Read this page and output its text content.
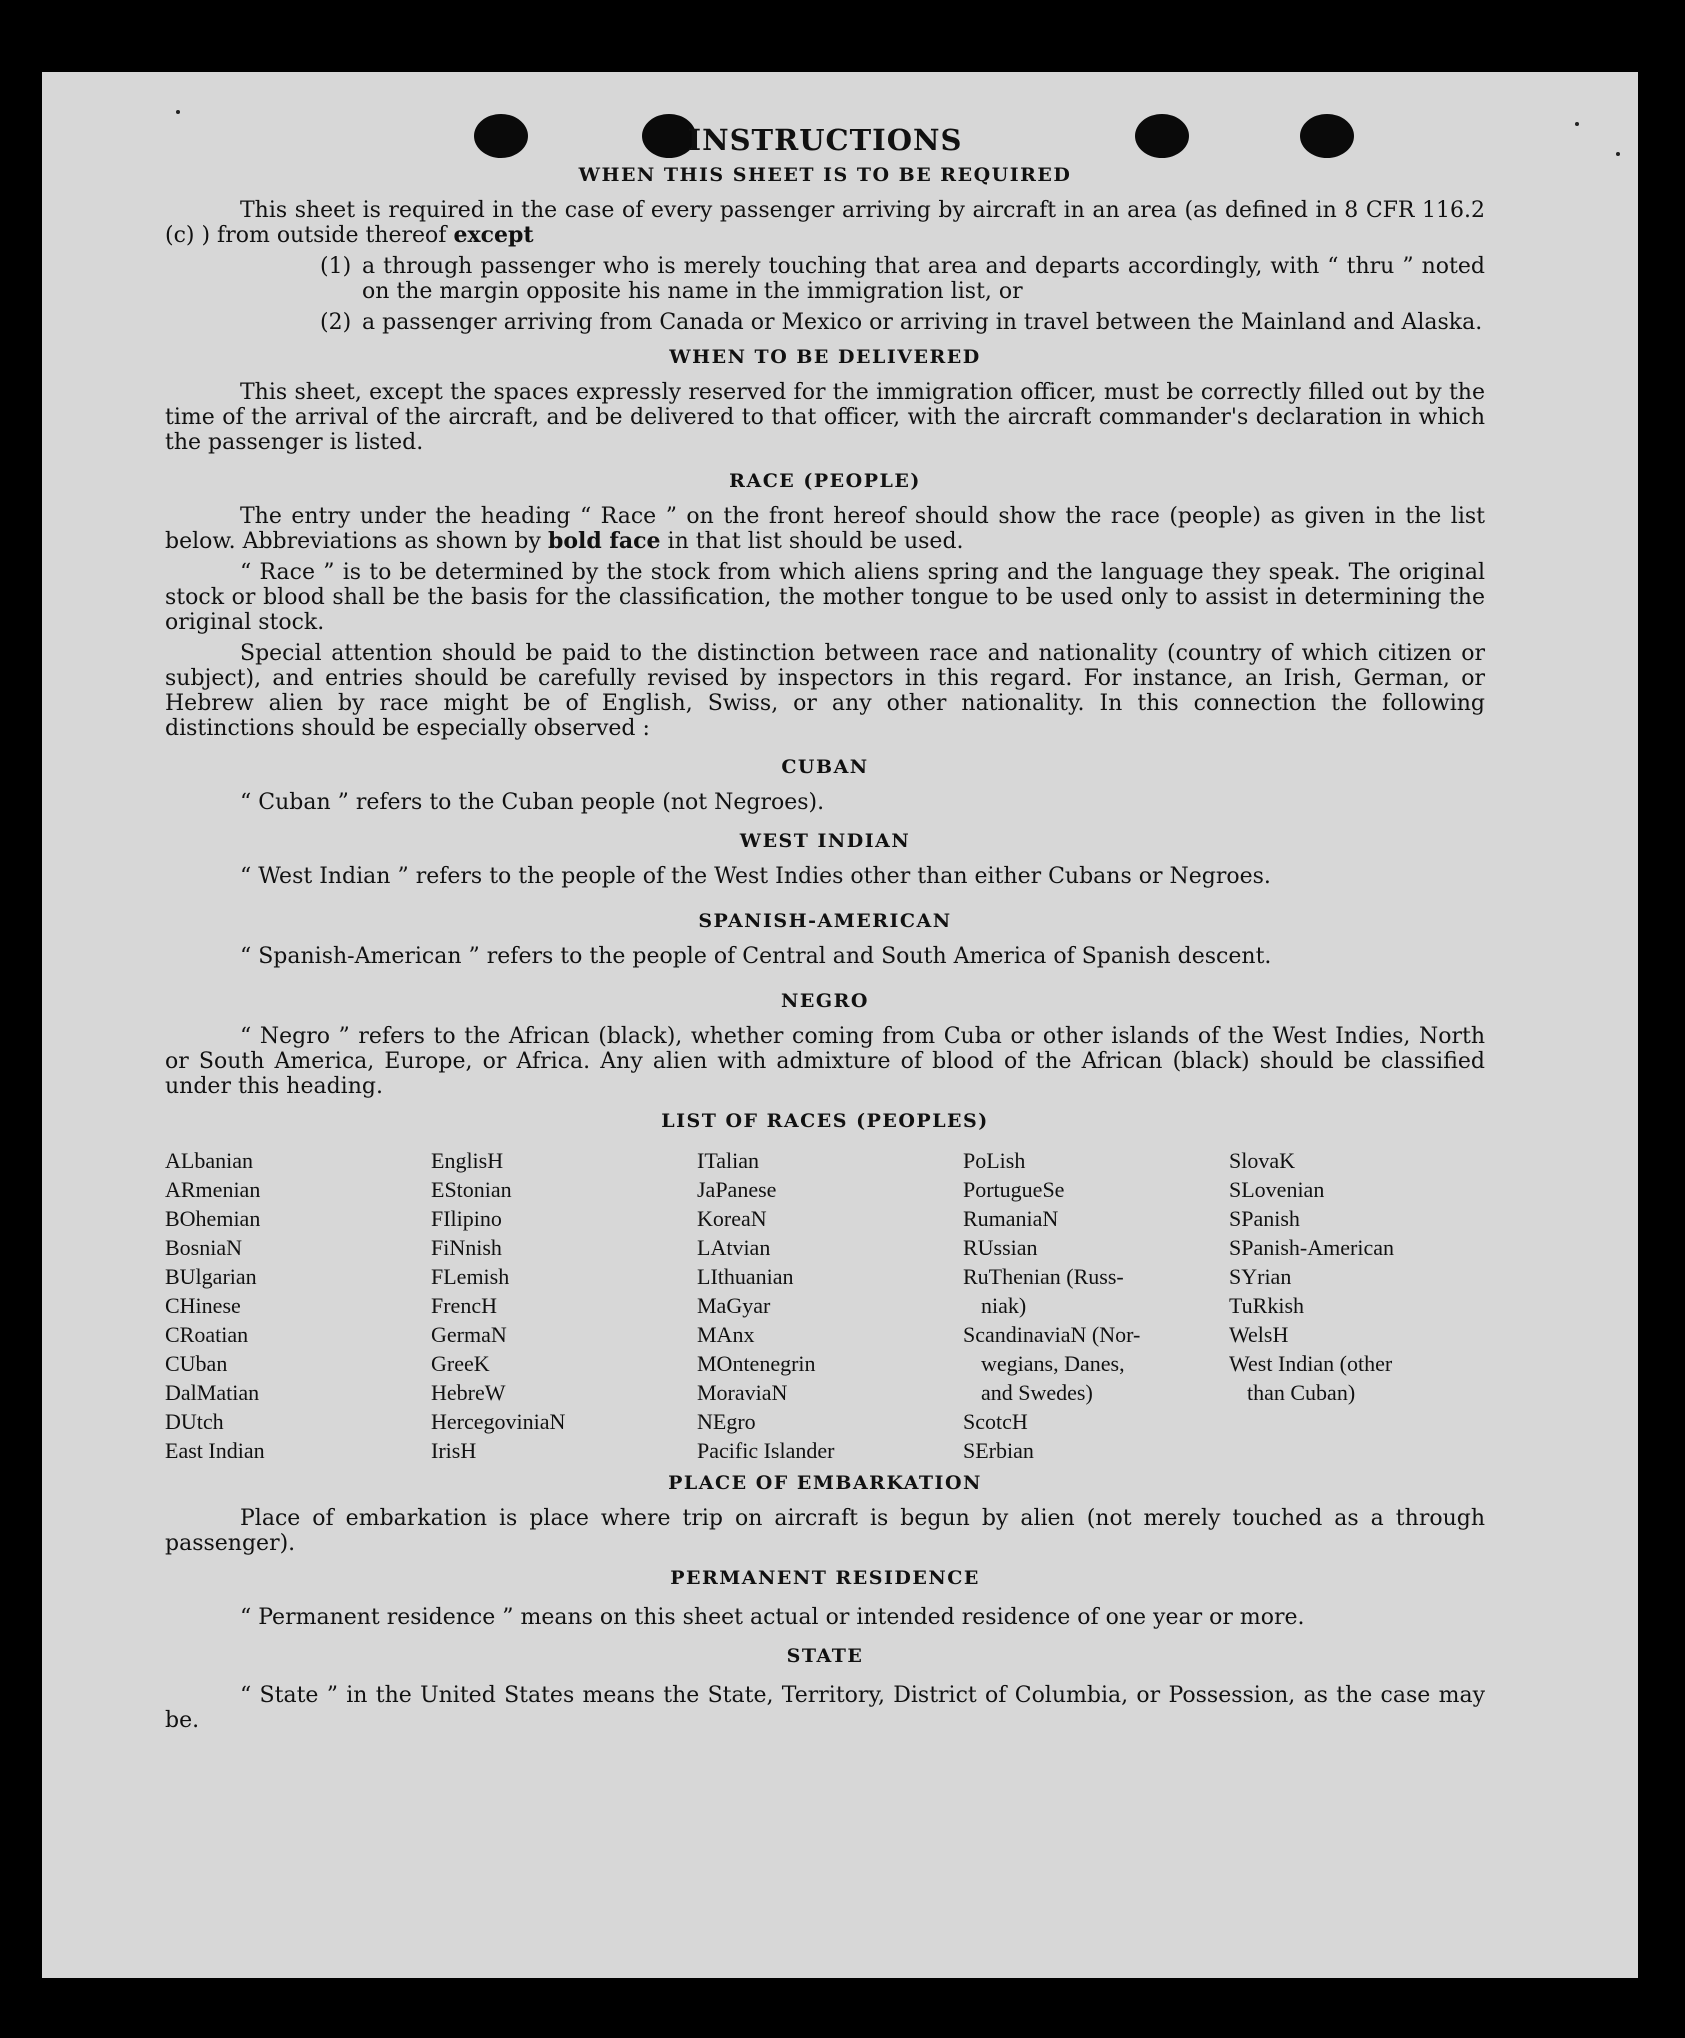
INSTRUCTIONS
WHEN THIS SHEET IS TO BE REQUIRED

This sheet is required in the case of every passenger arriving by aircraft in an area (as defined in 8 CFR 116.2 (c) ) from outside thereof except

(1) a through passenger who is merely touching that area and departs accordingly, with “ thru ” noted on the margin opposite his name in the immigration list, or

(2) a passenger arriving from Canada or Mexico or arriving in travel between the Mainland and Alaska.

WHEN TO BE DELIVERED

This sheet, except the spaces expressly reserved for the immigration officer, must be correctly filled out by the time of the arrival of the aircraft, and be delivered to that officer, with the aircraft commander's declaration in which the passenger is listed.

RACE (PEOPLE)

The entry under the heading “ Race ” on the front hereof should show the race (people) as given in the list below. Abbreviations as shown by bold face in that list should be used.

“ Race ” is to be determined by the stock from which aliens spring and the language they speak. The original stock or blood shall be the basis for the classification, the mother tongue to be used only to assist in determining the original stock.

Special attention should be paid to the distinction between race and nationality (country of which citizen or subject), and entries should be carefully revised by inspectors in this regard. For instance, an Irish, German, or Hebrew alien by race might be of English, Swiss, or any other nationality. In this connection the following distinctions should be especially observed :

CUBAN

“ Cuban ” refers to the Cuban people (not Negroes).

WEST INDIAN

“ West Indian ” refers to the people of the West Indies other than either Cubans or Negroes.

SPANISH-AMERICAN

“ Spanish-American ” refers to the people of Central and South America of Spanish descent.

NEGRO

“ Negro ” refers to the African (black), whether coming from Cuba or other islands of the West Indies, North or South America, Europe, or Africa. Any alien with admixture of blood of the African (black) should be classified under this heading.

LIST OF RACES (PEOPLES)
ALbanian
ARmenian
BOhemian
BosniaN
BUlgarian
CHinese
CRoatian
CUban
DalMatian
DUtch
East Indian
EnglisH
EStonian
FIlipino
FiNnish
FLemish
FrencH
GermaN
GreeK
HebreW
HercegoviniaN
IrisH
ITalian
JaPanese
KoreaN
LAtvian
LIthuanian
MaGyar
MAnx
MOntenegrin
MoraviaN
NEgro
Pacific Islander
PoLish
PortugueSe
RumaniaN
RUssian
RuThenian (Russ-
niak)
ScandinaviaN (Nor-
wegians, Danes,
and Swedes)
ScotcH
SErbian
SlovaK
SLovenian
SPanish
SPanish-American
SYrian
TuRkish
WelsH
West Indian (other
than Cuban)
PLACE OF EMBARKATION

Place of embarkation is place where trip on aircraft is begun by alien (not merely touched as a through passenger).

PERMANENT RESIDENCE

“ Permanent residence ” means on this sheet actual or intended residence of one year or more.

STATE

“ State ” in the United States means the State, Territory, District of Columbia, or Possession, as the case may be.
